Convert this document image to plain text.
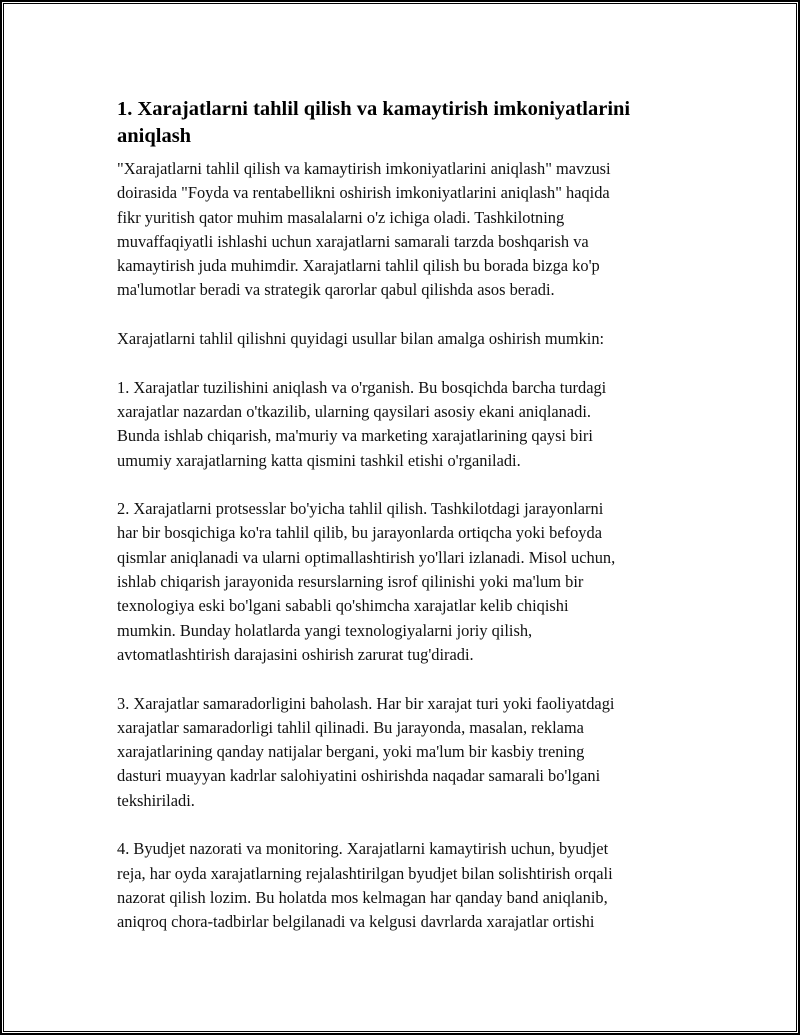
1. Xarajatlarni tahlil qilish va kamaytirish imkoniyatlarini
aniqlash

"Xarajatlarni tahlil qilish va kamaytirish imkoniyatlarini aniqlash" mavzusi
doirasida "Foyda va rentabellikni oshirish imkoniyatlarini aniqlash" haqida
fikr yuritish qator muhim masalalarni o'z ichiga oladi. Tashkilotning
muvaffaqiyatli ishlashi uchun xarajatlarni samarali tarzda boshqarish va
kamaytirish juda muhimdir. Xarajatlarni tahlil qilish bu borada bizga ko'p
ma'lumotlar beradi va strategik qarorlar qabul qilishda asos beradi.

Xarajatlarni tahlil qilishni quyidagi usullar bilan amalga oshirish mumkin:

1. Xarajatlar tuzilishini aniqlash va o'rganish. Bu bosqichda barcha turdagi
xarajatlar nazardan o'tkazilib, ularning qaysilari asosiy ekani aniqlanadi.
Bunda ishlab chiqarish, ma'muriy va marketing xarajatlarining qaysi biri
umumiy xarajatlarning katta qismini tashkil etishi o'rganiladi.

2. Xarajatlarni protsesslar bo'yicha tahlil qilish. Tashkilotdagi jarayonlarni
har bir bosqichiga ko'ra tahlil qilib, bu jarayonlarda ortiqcha yoki befoyda
qismlar aniqlanadi va ularni optimallashtirish yo'llari izlanadi. Misol uchun,
ishlab chiqarish jarayonida resurslarning isrof qilinishi yoki ma'lum bir
texnologiya eski bo'lgani sababli qo'shimcha xarajatlar kelib chiqishi
mumkin. Bunday holatlarda yangi texnologiyalarni joriy qilish,
avtomatlashtirish darajasini oshirish zarurat tug'diradi.

3. Xarajatlar samaradorligini baholash. Har bir xarajat turi yoki faoliyatdagi
xarajatlar samaradorligi tahlil qilinadi. Bu jarayonda, masalan, reklama
xarajatlarining qanday natijalar bergani, yoki ma'lum bir kasbiy trening
dasturi muayyan kadrlar salohiyatini oshirishda naqadar samarali bo'lgani
tekshiriladi.

4. Byudjet nazorati va monitoring. Xarajatlarni kamaytirish uchun, byudjet
reja, har oyda xarajatlarning rejalashtirilgan byudjet bilan solishtirish orqali
nazorat qilish lozim. Bu holatda mos kelmagan har qanday band aniqlanib,
aniqroq chora-tadbirlar belgilanadi va kelgusi davrlarda xarajatlar ortishi
